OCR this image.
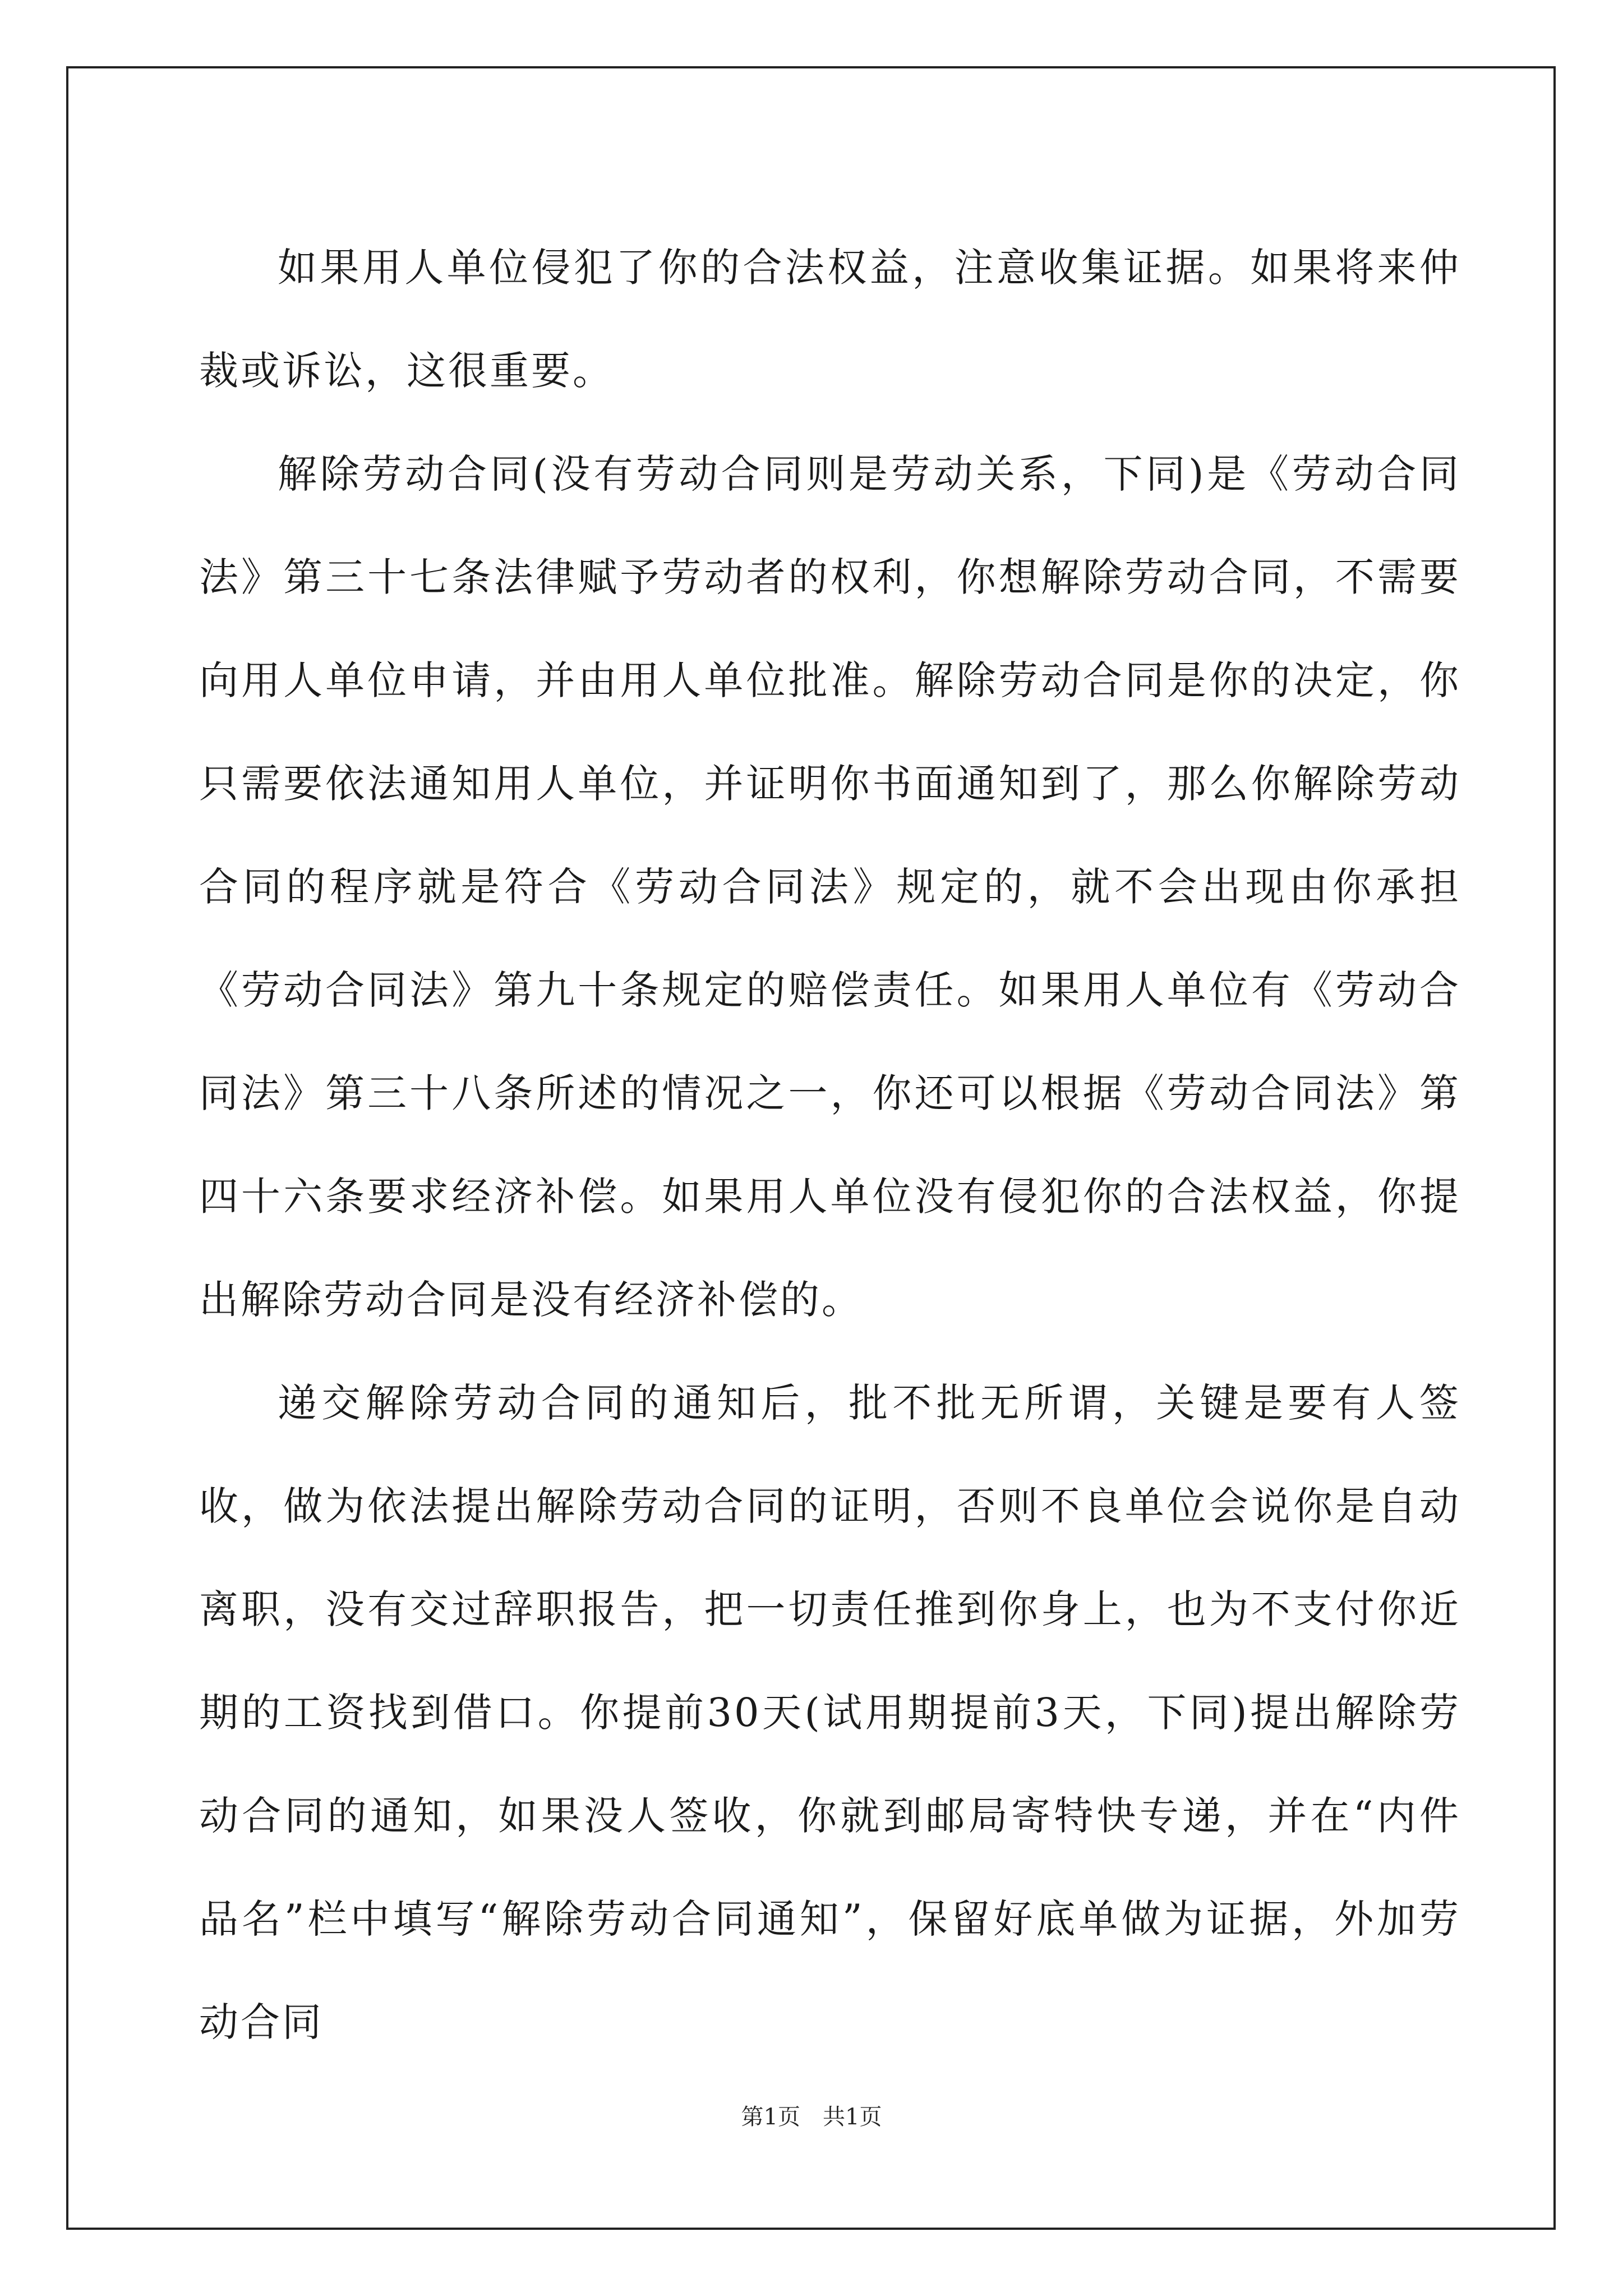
如果用人单位侵犯了你的合法权益，注意收集证据。如果将来仲裁或诉讼，这很重要。

解除劳动合同(没有劳动合同则是劳动关系，下同)是《劳动合同法》第三十七条法律赋予劳动者的权利，你想解除劳动合同，不需要向用人单位申请，并由用人单位批准。解除劳动合同是你的决定，你只需要依法通知用人单位，并证明你书面通知到了，那么你解除劳动合同的程序就是符合《劳动合同法》规定的，就不会出现由你承担《劳动合同法》第九十条规定的赔偿责任。如果用人单位有《劳动合同法》第三十八条所述的情况之一，你还可以根据《劳动合同法》第四十六条要求经济补偿。如果用人单位没有侵犯你的合法权益，你提出解除劳动合同是没有经济补偿的。

递交解除劳动合同的通知后，批不批无所谓，关键是要有人签收，做为依法提出解除劳动合同的证明，否则不良单位会说你是自动离职，没有交过辞职报告，把一切责任推到你身上，也为不支付你近期的工资找到借口。你提前30天(试用期提前3天，下同)提出解除劳动合同的通知，如果没人签收，你就到邮局寄特快专递，并在“内件品名”栏中填写“解除劳动合同通知”，保留好底单做为证据，外加劳动合同

第1页 共1页
